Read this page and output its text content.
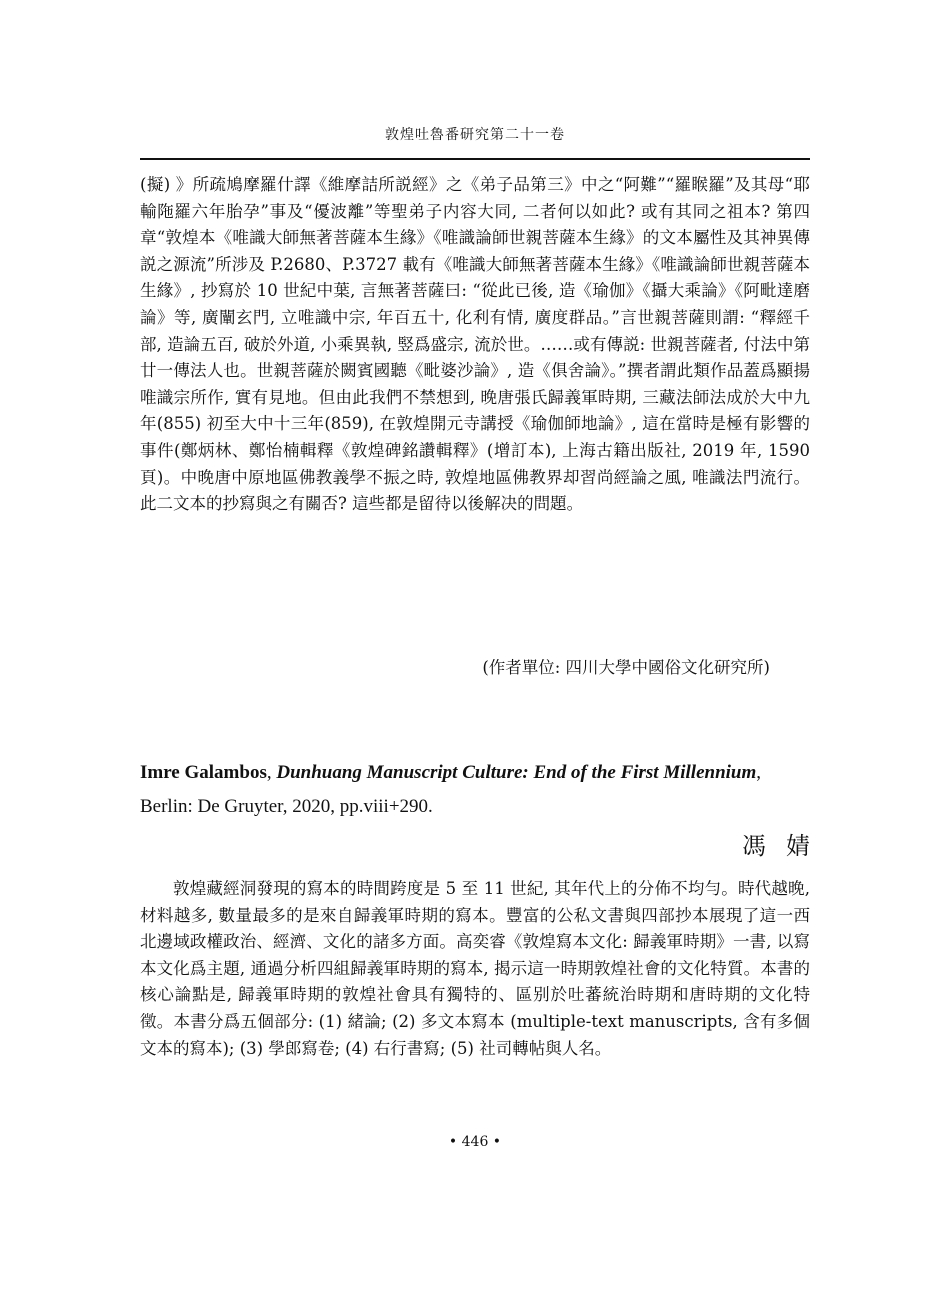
敦煌吐魯番研究第二十一卷

(擬) 》所疏鳩摩羅什譯《維摩詰所説經》之《弟子品第三》中之“阿難”“羅睺羅”及其母“耶輸陁羅六年胎孕”事及“優波離”等聖弟子内容大同, 二者何以如此? 或有其同之祖本? 第四章“敦煌本《唯識大師無著菩薩本生緣》《唯識論師世親菩薩本生緣》的文本屬性及其神異傳説之源流”所涉及 P.2680、P.3727 載有《唯識大師無著菩薩本生緣》《唯識論師世親菩薩本生緣》, 抄寫於 10 世紀中葉, 言無著菩薩曰: “從此已後, 造《瑜伽》《攝大乘論》《阿毗達磨論》等, 廣闡玄門, 立唯識中宗, 年百五十, 化利有情, 廣度群品。”言世親菩薩則謂: “釋經千部, 造論五百, 破於外道, 小乘異執, 竪爲盛宗, 流於世。……或有傳説: 世親菩薩者, 付法中第廿一傳法人也。世親菩薩於闕賓國聽《毗婆沙論》, 造《俱舍論》。”撰者謂此類作品蓋爲顯揚唯識宗所作, 實有見地。但由此我們不禁想到, 晚唐張氏歸義軍時期, 三藏法師法成於大中九年(855) 初至大中十三年(859), 在敦煌開元寺講授《瑜伽師地論》, 這在當時是極有影響的事件(鄭炳林、鄭怡楠輯釋《敦煌碑銘讚輯釋》(增訂本), 上海古籍出版社, 2019 年, 1590 頁)。中晚唐中原地區佛教義學不振之時, 敦煌地區佛教界却習尚經論之風, 唯識法門流行。此二文本的抄寫與之有關否? 這些都是留待以後解决的問題。

(作者單位: 四川大學中國俗文化研究所)
Imre Galambos, Dunhuang Manuscript Culture: End of the First Millennium,
Berlin: De Gruyter, 2020, pp.viii+290.
馮婧

敦煌藏經洞發現的寫本的時間跨度是 5 至 11 世紀, 其年代上的分佈不均勻。時代越晚, 材料越多, 數量最多的是來自歸義軍時期的寫本。豐富的公私文書與四部抄本展現了這一西北邊域政權政治、經濟、文化的諸多方面。高奕睿《敦煌寫本文化: 歸義軍時期》一書, 以寫本文化爲主題, 通過分析四組歸義軍時期的寫本, 揭示這一時期敦煌社會的文化特質。本書的核心論點是, 歸義軍時期的敦煌社會具有獨特的、區别於吐蕃統治時期和唐時期的文化特徵。本書分爲五個部分: (1) 緒論; (2) 多文本寫本 (multiple-text manuscripts, 含有多個文本的寫本); (3) 學郎寫卷; (4) 右行書寫; (5) 社司轉帖與人名。

• 446 •
